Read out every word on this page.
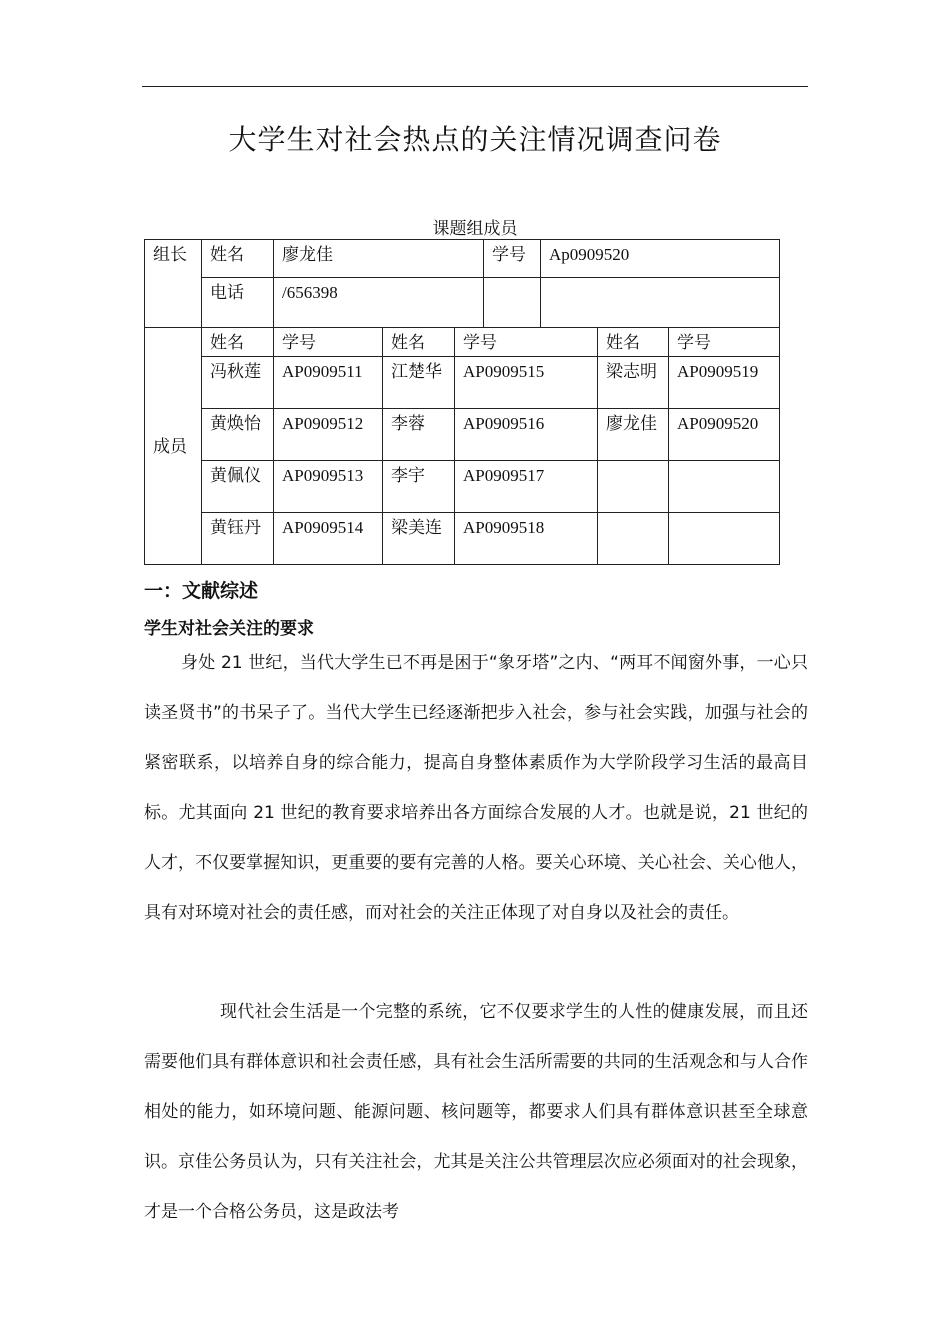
大学生对社会热点的关注情况调查问卷
课题组成员
组长	姓名	廖龙佳			学号	Ap0909520		
	电话	/656398						
成员	姓名	学号	姓名	学号			姓名	学号
	冯秋莲	AP0909511	江楚华	AP0909515			梁志明	AP0909519
	黄焕怡	AP0909512	李蓉	AP0909516			廖龙佳	AP0909520
	黄佩仪	AP0909513	李宇	AP0909517				
	黄钰丹	AP0909514	梁美连	AP0909518				
一：文献综述
学生对社会关注的要求

身处 21 世纪，当代大学生已不再是困于“象牙塔”之内、“两耳不闻窗外事，一心只读圣贤书”的书呆子了。当代大学生已经逐渐把步入社会，参与社会实践，加强与社会的紧密联系，以培养自身的综合能力，提高自身整体素质作为大学阶段学习生活的最高目标。尤其面向 21 世纪的教育要求培养出各方面综合发展的人才。也就是说，21 世纪的人才，不仅要掌握知识，更重要的要有完善的人格。要关心环境、关心社会、关心他人，具有对环境对社会的责任感，而对社会的关注正体现了对自身以及社会的责任。

现代社会生活是一个完整的系统，它不仅要求学生的人性的健康发展，而且还需要他们具有群体意识和社会责任感，具有社会生活所需要的共同的生活观念和与人合作相处的能力，如环境问题、能源问题、核问题等，都要求人们具有群体意识甚至全球意识。京佳公务员认为，只有关注社会，尤其是关注公共管理层次应必须面对的社会现象，才是一个合格公务员，这是政法考
